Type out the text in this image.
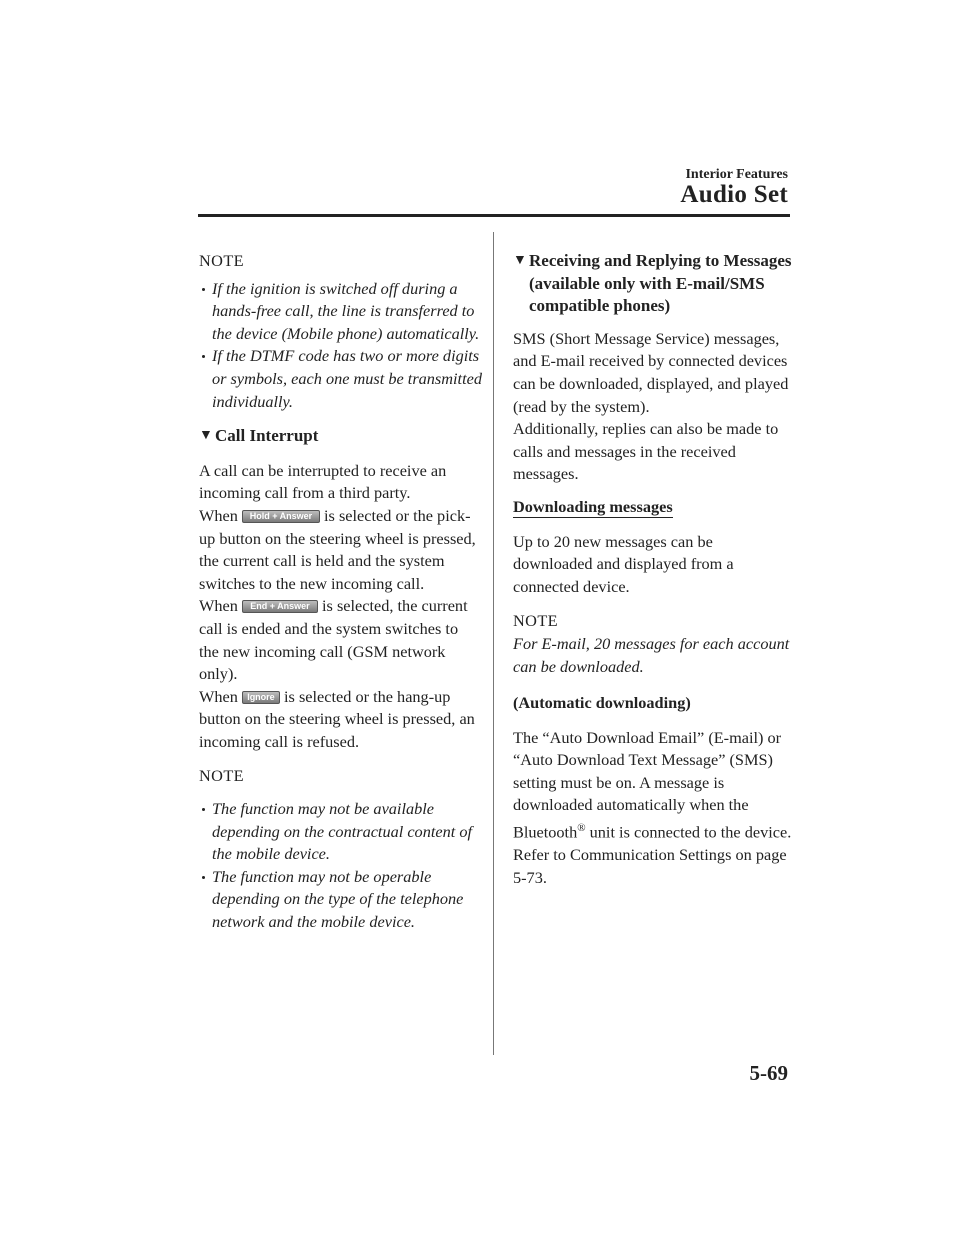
Interior Features
Audio Set

NOTE

If the ignition is switched off during a hands-free call, the line is transferred to the device (Mobile phone) automatically.
If the DTMF code has two or more digits or symbols, each one must be transmitted individually.
▼ Call Interrupt

A call can be interrupted to receive an incoming call from a third party.

When Hold + Answer is selected or the pick-up button on the steering wheel is pressed, the current call is held and the system switches to the new incoming call.

When End + Answer is selected, the current call is ended and the system switches to the new incoming call (GSM network only).

When Ignore is selected or the hang-up button on the steering wheel is pressed, an incoming call is refused.

NOTE

The function may not be available depending on the contractual content of the mobile device.
The function may not be operable depending on the type of the telephone network and the mobile device.
▼ Receiving and Replying to Messages (available only with E-mail/SMS compatible phones)

SMS (Short Message Service) messages, and E-mail received by connected devices can be downloaded, displayed, and played (read by the system).

Additionally, replies can also be made to calls and messages in the received messages.

Downloading messages

Up to 20 new messages can be downloaded and displayed from a connected device.

NOTE

For E-mail, 20 messages for each account can be downloaded.

(Automatic downloading)

The “Auto Download Email” (E-mail) or “Auto Download Text Message” (SMS) setting must be on. A message is downloaded automatically when the Bluetooth® unit is connected to the device. Refer to Communication Settings on page 5-73.

5-69
